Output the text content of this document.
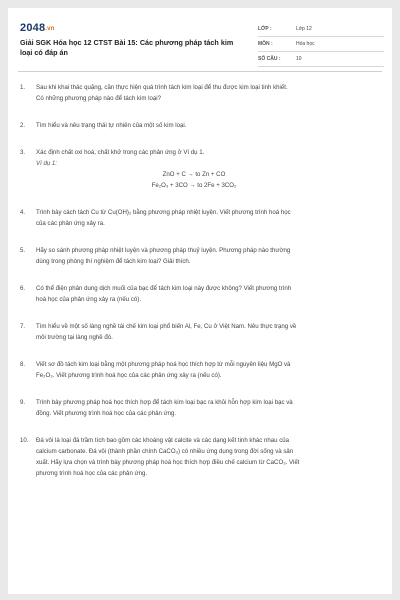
2048.vn
Giải SGK Hóa học 12 CTST Bài 15: Các phương pháp tách kim loại có đáp án
LỚP :	Lớp 12
MÔN :	Hóa học
SỐ CÂU :	10
1. Sau khi khai thác quặng, cần thực hiện quá trình tách kim loại để thu được kim loại tinh khiết.
Có những phương pháp nào để tách kim loại?
2. Tìm hiểu và nêu trạng thái tự nhiên của một số kim loại.
3. Xác định chất oxi hoá, chất khử trong các phản ứng ở Ví dụ 1.
Ví dụ 1:
ZnO + C → to Zn + CO
Fe₂O₃ + 3CO → to 2Fe + 3CO₂
4. Trình bày cách tách Cu từ Cu(OH)₂ bằng phương pháp nhiệt luyện. Viết phương trình hoá học
của các phản ứng xảy ra.
5. Hãy so sánh phương pháp nhiệt luyện và phương pháp thuỷ luyện. Phương pháp nào thường
dùng trong phòng thí nghiệm để tách kim loại? Giải thích.
6. Có thể điện phân dung dịch muối của bạc để tách kim loại này được không? Viết phương trình
hoá học của phản ứng xảy ra (nếu có).
7. Tìm hiểu về một số làng nghề tái chế kim loại phổ biến Al, Fe, Cu ở Việt Nam. Nêu thực trạng về
môi trường tại làng nghề đó.
8. Viết sơ đồ tách kim loại bằng một phương pháp hoá học thích hợp từ mỗi nguyên liệu MgO và
Fe₂O₃. Viết phương trình hoá học của các phản ứng xảy ra (nếu có).
9. Trình bày phương pháp hoá học thích hợp để tách kim loại bạc ra khỏi hỗn hợp kim loại bạc và
đồng. Viết phương trình hoá học của các phản ứng.
10. Đá vôi là loại đá trầm tích bao gồm các khoáng vật calcite và các dạng kết tinh khác nhau của
calcium carbonate. Đá vôi (thành phần chính CaCO₃) có nhiều ứng dụng trong đời sống và sản
xuất. Hãy lựa chọn và trình bày phương pháp hoá học thích hợp điều chế calcium từ CaCO₃. Viết
phương trình hoá học của các phản ứng.
